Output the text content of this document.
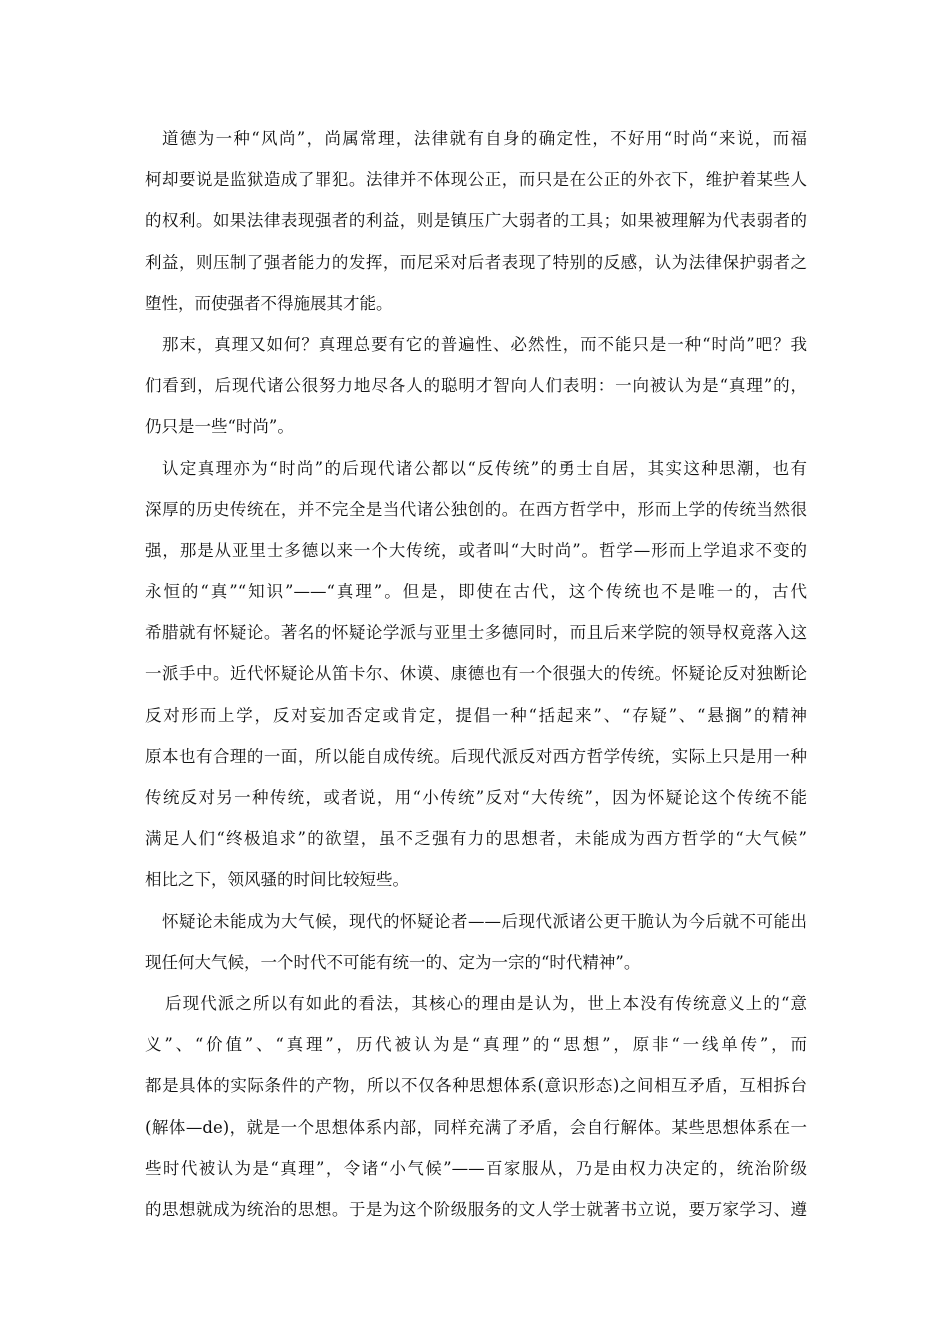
道德为一种“风尚”，尚属常理，法律就有自身的确定性，不好用“时尚“来说，而福
柯却要说是监狱造成了罪犯。法律并不体现公正，而只是在公正的外衣下，维护着某些人
的权利。如果法律表现强者的利益，则是镇压广大弱者的工具；如果被理解为代表弱者的
利益，则压制了强者能力的发挥，而尼采对后者表现了特别的反感，认为法律保护弱者之
堕性，而使强者不得施展其才能。
那末，真理又如何？真理总要有它的普遍性、必然性，而不能只是一种“时尚”吧？我
们看到，后现代诸公很努力地尽各人的聪明才智向人们表明：一向被认为是“真理”的，
仍只是一些“时尚”。
认定真理亦为“时尚”的后现代诸公都以“反传统”的勇士自居，其实这种思潮，也有
深厚的历史传统在，并不完全是当代诸公独创的。在西方哲学中，形而上学的传统当然很
强，那是从亚里士多德以来一个大传统，或者叫“大时尚”。哲学—形而上学追求不变的
永恒的“真”“知识”——“真理”。但是，即使在古代，这个传统也不是唯一的，古代
希腊就有怀疑论。著名的怀疑论学派与亚里士多德同时，而且后来学院的领导权竟落入这
一派手中。近代怀疑论从笛卡尔、休谟、康德也有一个很强大的传统。怀疑论反对独断论
反对形而上学，反对妄加否定或肯定，提倡一种“括起来”、“存疑”、“悬搁”的精神
原本也有合理的一面，所以能自成传统。后现代派反对西方哲学传统，实际上只是用一种
传统反对另一种传统，或者说，用“小传统”反对“大传统”，因为怀疑论这个传统不能
满足人们“终极追求”的欲望，虽不乏强有力的思想者，未能成为西方哲学的“大气候”
相比之下，领风骚的时间比较短些。
怀疑论未能成为大气候，现代的怀疑论者——后现代派诸公更干脆认为今后就不可能出
现任何大气候，一个时代不可能有统一的、定为一宗的“时代精神”。
后现代派之所以有如此的看法，其核心的理由是认为，世上本没有传统意义上的“意
义”、“价值”、“真理”，历代被认为是“真理”的“思想”，原非“一线单传”，而
都是具体的实际条件的产物，所以不仅各种思想体系(意识形态)之间相互矛盾，互相拆台
(解体—de)，就是一个思想体系内部，同样充满了矛盾，会自行解体。某些思想体系在一
些时代被认为是“真理”，令诸“小气候”——百家服从，乃是由权力决定的，统治阶级
的思想就成为统治的思想。于是为这个阶级服务的文人学士就著书立说，要万家学习、遵
